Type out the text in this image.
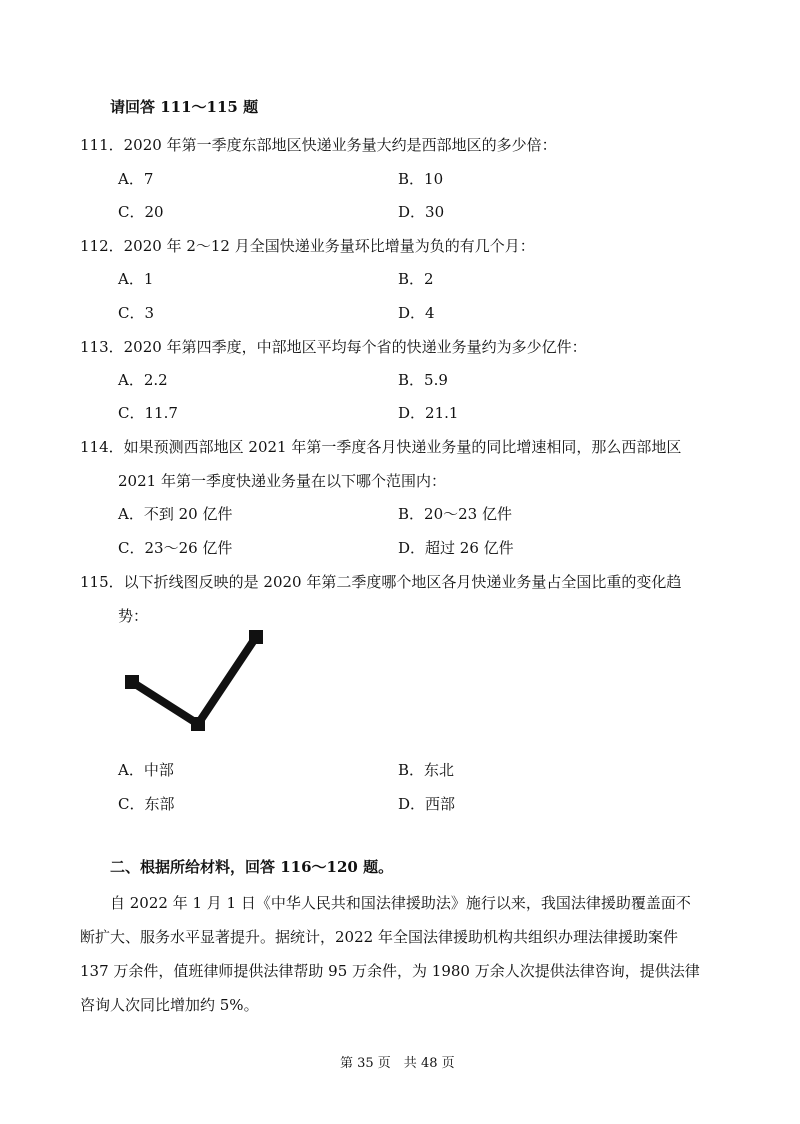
请回答 111～115 题
111．2020 年第一季度东部地区快递业务量大约是西部地区的多少倍：
A．7	B．10
C．20	D．30
112．2020 年 2～12 月全国快递业务量环比增量为负的有几个月：
A．1	B．2
C．3	D．4
113．2020 年第四季度，中部地区平均每个省的快递业务量约为多少亿件：
A．2.2	B．5.9
C．11.7	D．21.1
114．如果预测西部地区 2021 年第一季度各月快递业务量的同比增速相同，那么西部地区
2021 年第一季度快递业务量在以下哪个范围内：
A．不到 20 亿件	B．20～23 亿件
C．23～26 亿件	D．超过 26 亿件
115．以下折线图反映的是 2020 年第二季度哪个地区各月快递业务量占全国比重的变化趋
势：
A．中部	B．东北
C．东部	D．西部
二、根据所给材料，回答 116～120 题。
自 2022 年 1 月 1 日《中华人民共和国法律援助法》施行以来，我国法律援助覆盖面不
断扩大、服务水平显著提升。据统计，2022 年全国法律援助机构共组织办理法律援助案件
137 万余件，值班律师提供法律帮助 95 万余件，为 1980 万余人次提供法律咨询，提供法律
咨询人次同比增加约 5%。
第 35 页　共 48 页
